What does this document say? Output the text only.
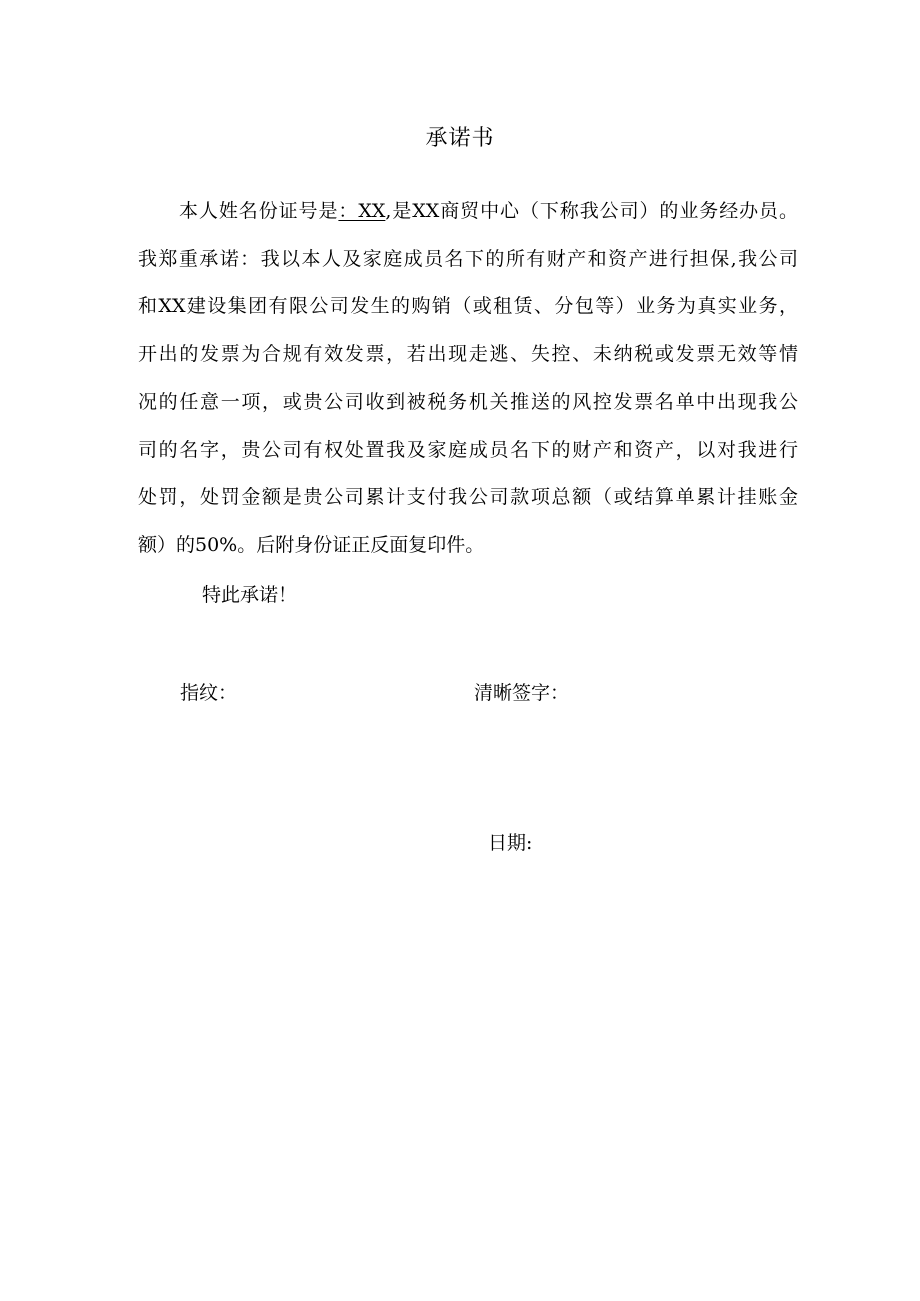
承诺书

本人姓名份证号是：XX,是XX商贸中心（下称我公司）的业务经办员。
我郑重承诺：我以本人及家庭成员名下的所有财产和资产进行担保,我公司
和XX建设集团有限公司发生的购销（或租赁、分包等）业务为真实业务，
开出的发票为合规有效发票，若出现走逃、失控、未纳税或发票无效等情
况的任意一项，或贵公司收到被税务机关推送的风控发票名单中出现我公
司的名字，贵公司有权处置我及家庭成员名下的财产和资产，以对我进行
处罚，处罚金额是贵公司累计支付我公司款项总额（或结算单累计挂账金
额）的50%。后附身份证正反面复印件。

特此承诺！
指纹：	清晰签字：
日期:
